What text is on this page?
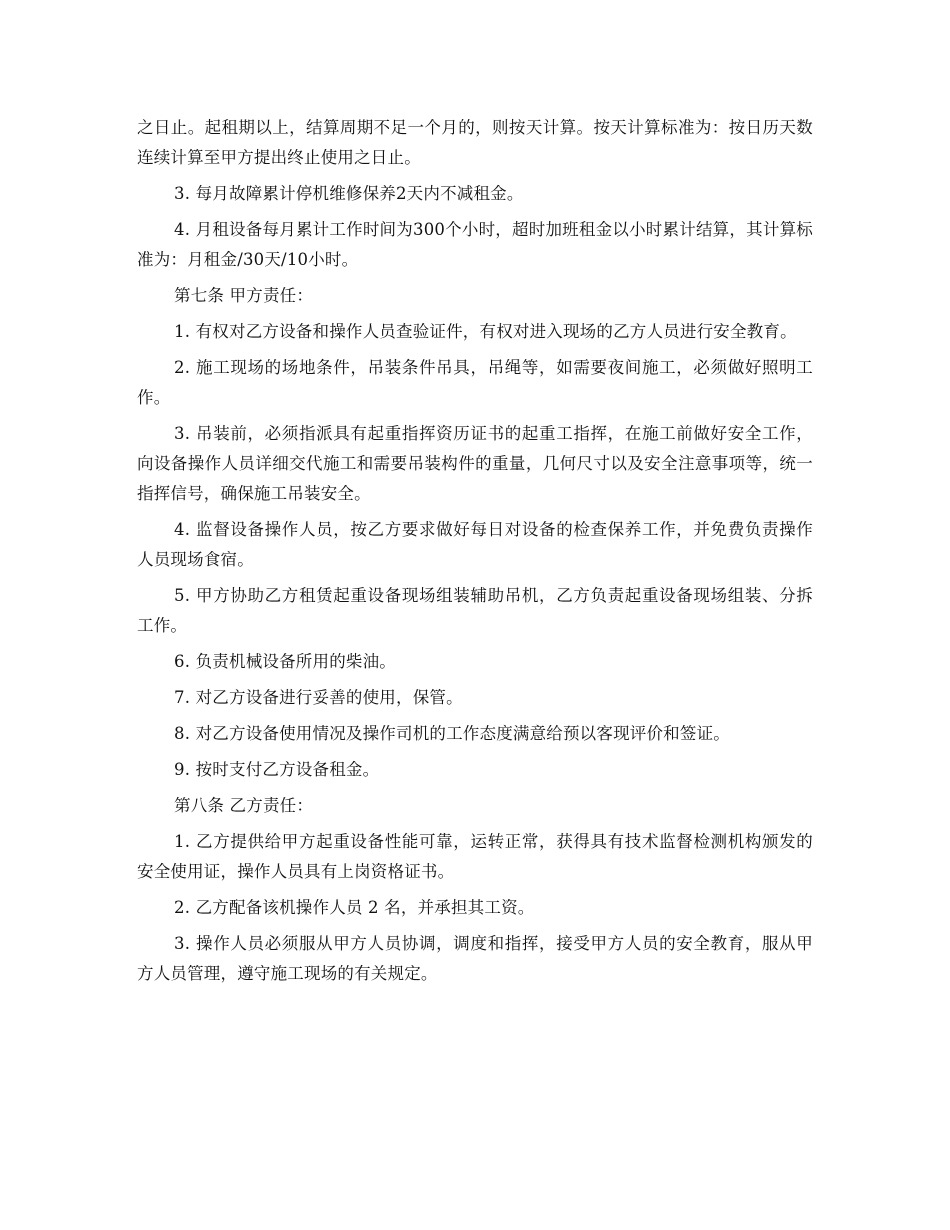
之日止。起租期以上，结算周期不足一个月的，则按天计算。按天计算标准为：按日历天数连续计算至甲方提出终止使用之日止。

3. 每月故障累计停机维修保养2天内不减租金。

4. 月租设备每月累计工作时间为300个小时，超时加班租金以小时累计结算，其计算标准为：月租金/30天/10小时。

第七条 甲方责任：

1. 有权对乙方设备和操作人员查验证件，有权对进入现场的乙方人员进行安全教育。

2. 施工现场的场地条件，吊装条件吊具，吊绳等，如需要夜间施工，必须做好照明工作。

3. 吊装前，必须指派具有起重指挥资历证书的起重工指挥，在施工前做好安全工作，向设备操作人员详细交代施工和需要吊装构件的重量，几何尺寸以及安全注意事项等，统一指挥信号，确保施工吊装安全。

4. 监督设备操作人员，按乙方要求做好每日对设备的检查保养工作，并免费负责操作人员现场食宿。

5. 甲方协助乙方租赁起重设备现场组装辅助吊机，乙方负责起重设备现场组装、分拆工作。

6. 负责机械设备所用的柴油。

7. 对乙方设备进行妥善的使用，保管。

8. 对乙方设备使用情况及操作司机的工作态度满意给预以客现评价和签证。

9. 按时支付乙方设备租金。

第八条 乙方责任：

1. 乙方提供给甲方起重设备性能可靠，运转正常，获得具有技术监督检测机构颁发的安全使用证，操作人员具有上岗资格证书。

2. 乙方配备该机操作人员 2 名，并承担其工资。

3. 操作人员必须服从甲方人员协调，调度和指挥，接受甲方人员的安全教育，服从甲方人员管理，遵守施工现场的有关规定。
